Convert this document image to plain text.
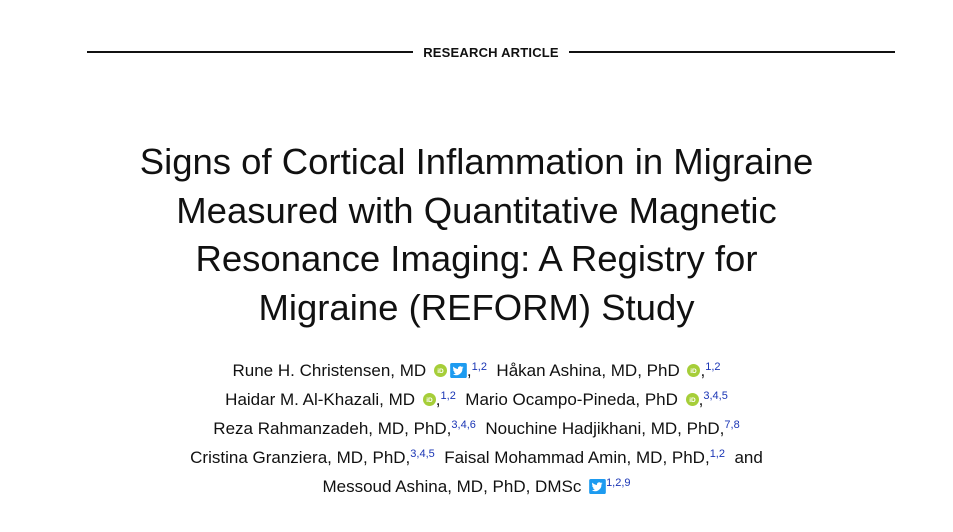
RESEARCH ARTICLE
Signs of Cortical Inflammation in Migraine
Measured with Quantitative Magnetic
Resonance Imaging: A Registry for
Migraine (REFORM) Study
Rune H. Christensen, MD iD ,$^{1,2}$ Håkan Ashina, MD, PhD iD ,$^{1,2}$
Haidar M. Al-Khazali, MD iD ,$^{1,2}$ Mario Ocampo-Pineda, PhD iD ,$^{3,4,5}$
Reza Rahmanzadeh, MD, PhD,$^{3,4,6}$ Nouchine Hadjikhani, MD, PhD,$^{7,8}$
Cristina Granziera, MD, PhD,$^{3,4,5}$ Faisal Mohammad Amin, MD, PhD,$^{1,2}$ and
Messoud Ashina, MD, PhD, DMSc $^{1,2,9}$
